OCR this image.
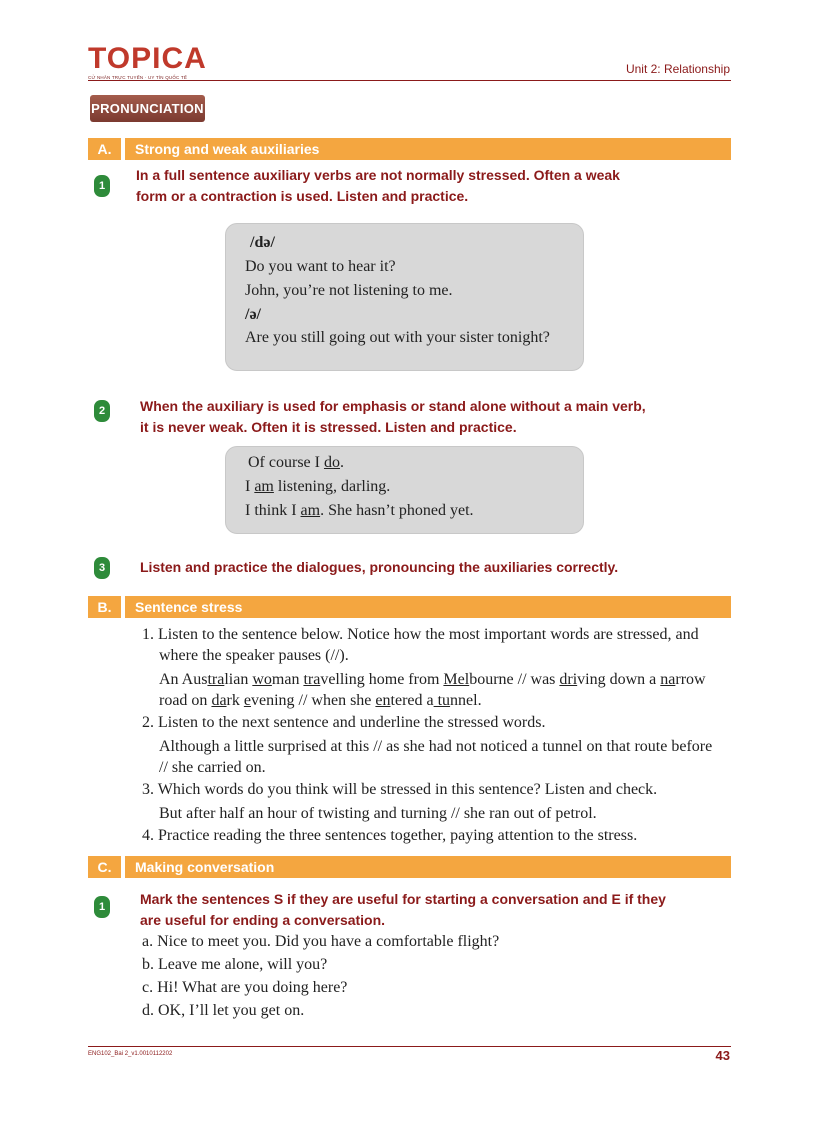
TOPICA
CỬ NHÂN TRỰC TUYẾN · UY TÍN QUỐC TẾ
Unit 2: Relationship
PRONUNCIATION
A.	Strong and weak auxiliaries
1
In a full sentence auxiliary verbs are not normally stressed. Often a weak
form or a contraction is used. Listen and practice.
/də/
Do you want to hear it?
John, you’re not listening to me.
/ə/
Are you still going out with your sister tonight?
2	When the auxiliary is used for emphasis or stand alone without a main verb,
it is never weak. Often it is stressed. Listen and practice.
Of course I do.
I am listening, darling.
I think I am. She hasn’t phoned yet.
3	Listen and practice the dialogues, pronouncing the auxiliaries correctly.
B.	Sentence stress
1. Listen to the sentence below. Notice how the most important words are stressed, and
where the speaker pauses (//).
An Australian woman travelling home from Melbourne // was driving down a narrow
road on dark evening // when she entered a tunnel.
2. Listen to the next sentence and underline the stressed words.
Although a little surprised at this // as she had not noticed a tunnel on that route before
// she carried on.
3. Which words do you think will be stressed in this sentence? Listen and check.
But after half an hour of twisting and turning // she ran out of petrol.
4. Practice reading the three sentences together, paying attention to the stress.
C.	Making conversation
1	Mark the sentences S if they are useful for starting a conversation and E if they
are useful for ending a conversation.
a. Nice to meet you. Did you have a comfortable flight?
b. Leave me alone, will you?
c. Hi! What are you doing here?
d. OK, I’ll let you get on.
ENG102_Bai 2_v1.0010112202	43
